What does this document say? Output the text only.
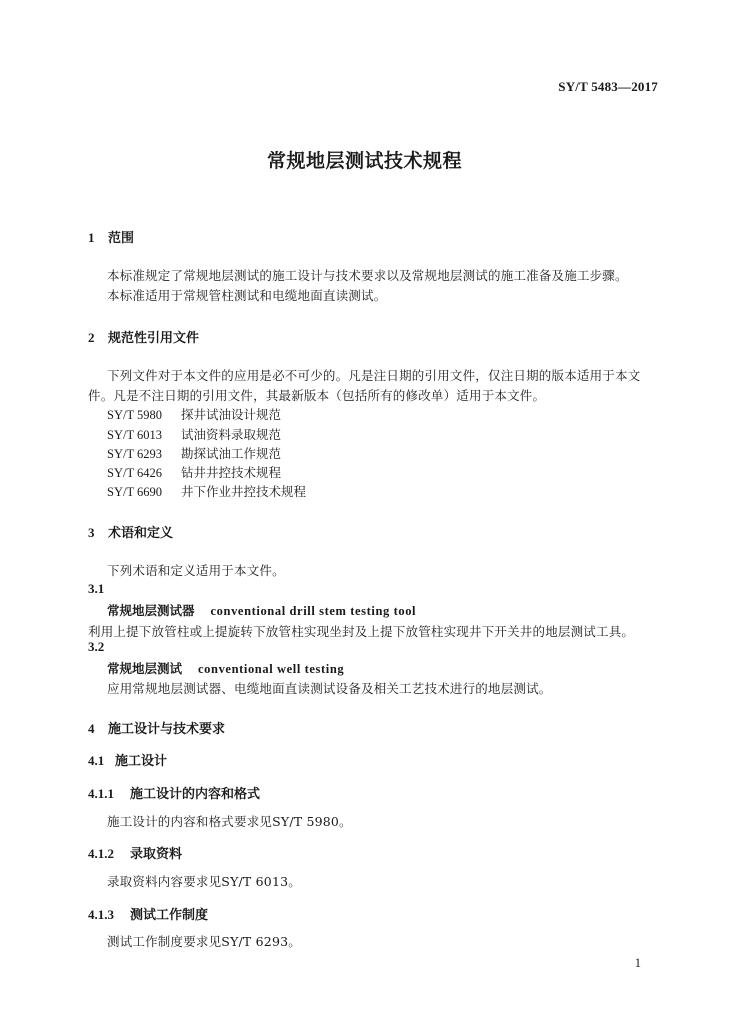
SY/T 5483—2017
常规地层测试技术规程
1 范围
本标准规定了常规地层测试的施工设计与技术要求以及常规地层测试的施工准备及施工步骤。
本标准适用于常规管柱测试和电缆地面直读测试。
2 规范性引用文件
下列文件对于本文件的应用是必不可少的。凡是注日期的引用文件，仅注日期的版本适用于本文件。凡是不注日期的引用文件，其最新版本（包括所有的修改单）适用于本文件。
SY/T 5980 探井试油设计规范
SY/T 6013 试油资料录取规范
SY/T 6293 勘探试油工作规范
SY/T 6426 钻井井控技术规程
SY/T 6690 井下作业井控技术规程
3 术语和定义
下列术语和定义适用于本文件。
3.1
常规地层测试器 conventional drill stem testing tool
利用上提下放管柱或上提旋转下放管柱实现坐封及上提下放管柱实现井下开关井的地层测试工具。
3.2
常规地层测试 conventional well testing
应用常规地层测试器、电缆地面直读测试设备及相关工艺技术进行的地层测试。
4 施工设计与技术要求
4.1 施工设计
4.1.1 施工设计的内容和格式
施工设计的内容和格式要求见SY/T 5980。
4.1.2 录取资料
录取资料内容要求见SY/T 6013。
4.1.3 测试工作制度
测试工作制度要求见SY/T 6293。
1
